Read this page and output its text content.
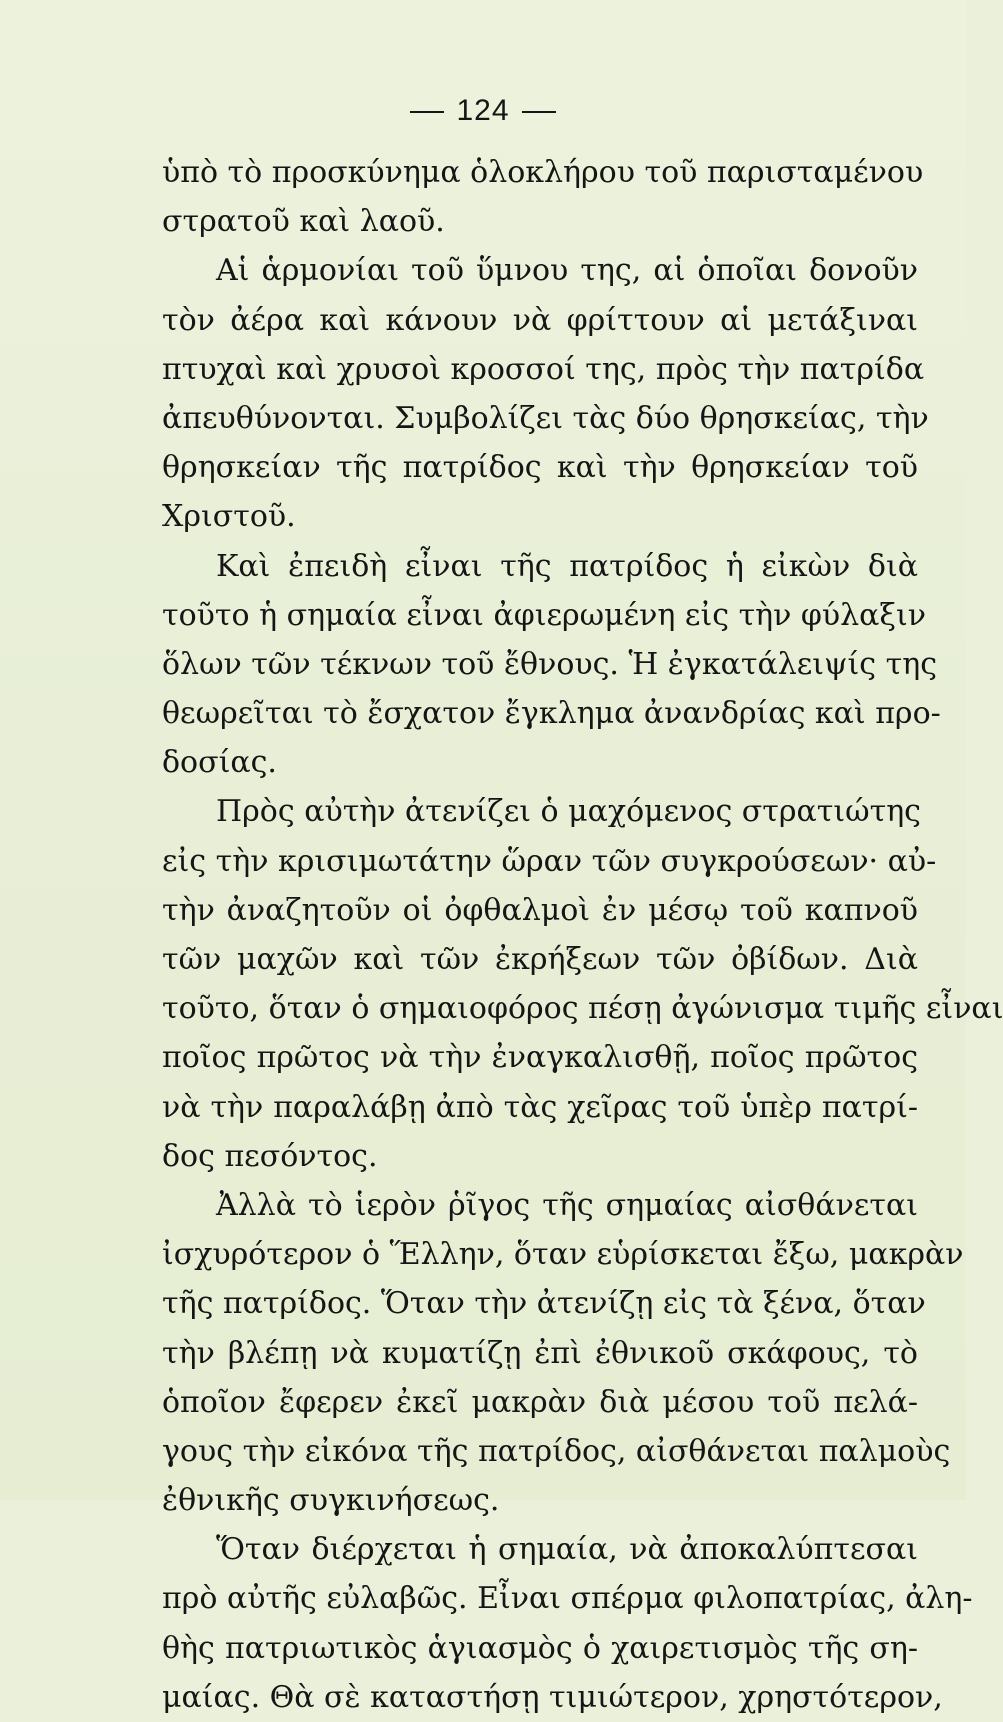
124
ὑπὸ τὸ προσκύνημα ὁλοκλήρου τοῦ παρισταμένου
στρατοῦ καὶ λαοῦ.
Αἱ ἁρμονίαι τοῦ ὕμνου της, αἱ ὁποῖαι δονοῦν
τὸν ἀέρα καὶ κάνουν νὰ φρίττουν αἱ μετάξιναι
πτυχαὶ καὶ χρυσοὶ κροσσοί της, πρὸς τὴν πατρίδα
ἀπευθύνονται. Συμβολίζει τὰς δύο θρησκείας, τὴν
θρησκείαν τῆς πατρίδος καὶ τὴν θρησκείαν τοῦ
Χριστοῦ.
Καὶ ἐπειδὴ εἶναι τῆς πατρίδος ἡ εἰκὼν διὰ
τοῦτο ἡ σημαία εἶναι ἀφιερωμένη εἰς τὴν φύλαξιν
ὅλων τῶν τέκνων τοῦ ἔθνους. Ἡ ἐγκατάλειψίς της
θεωρεῖται τὸ ἔσχατον ἔγκλημα ἀνανδρίας καὶ προ-
δοσίας.
Πρὸς αὐτὴν ἀτενίζει ὁ μαχόμενος στρατιώτης
εἰς τὴν κρισιμωτάτην ὥραν τῶν συγκρούσεων· αὐ-
τὴν ἀναζητοῦν οἱ ὀφθαλμοὶ ἐν μέσῳ τοῦ καπνοῦ
τῶν μαχῶν καὶ τῶν ἐκρήξεων τῶν ὀβίδων. Διὰ
τοῦτο, ὅταν ὁ σημαιοφόρος πέσῃ ἀγώνισμα τιμῆς εἶναι
ποῖος πρῶτος νὰ τὴν ἐναγκαλισθῇ, ποῖος πρῶτος
νὰ τὴν παραλάβῃ ἀπὸ τὰς χεῖρας τοῦ ὑπὲρ πατρί-
δος πεσόντος.
Ἀλλὰ τὸ ἱερὸν ῥῖγος τῆς σημαίας αἰσθάνεται
ἰσχυρότερον ὁ Ἕλλην, ὅταν εὑρίσκεται ἔξω, μακρὰν
τῆς πατρίδος. Ὅταν τὴν ἀτενίζῃ εἰς τὰ ξένα, ὅταν
τὴν βλέπῃ νὰ κυματίζῃ ἐπὶ ἐθνικοῦ σκάφους, τὸ
ὁποῖον ἔφερεν ἐκεῖ μακρὰν διὰ μέσου τοῦ πελά-
γους τὴν εἰκόνα τῆς πατρίδος, αἰσθάνεται παλμοὺς
ἐθνικῆς συγκινήσεως.
Ὅταν διέρχεται ἡ σημαία, νὰ ἀποκαλύπτεσαι
πρὸ αὐτῆς εὐλαβῶς. Εἶναι σπέρμα φιλοπατρίας, ἀλη-
θὴς πατριωτικὸς ἁγιασμὸς ὁ χαιρετισμὸς τῆς ση-
μαίας. Θὰ σὲ καταστήσῃ τιμιώτερον, χρηστότερον,
